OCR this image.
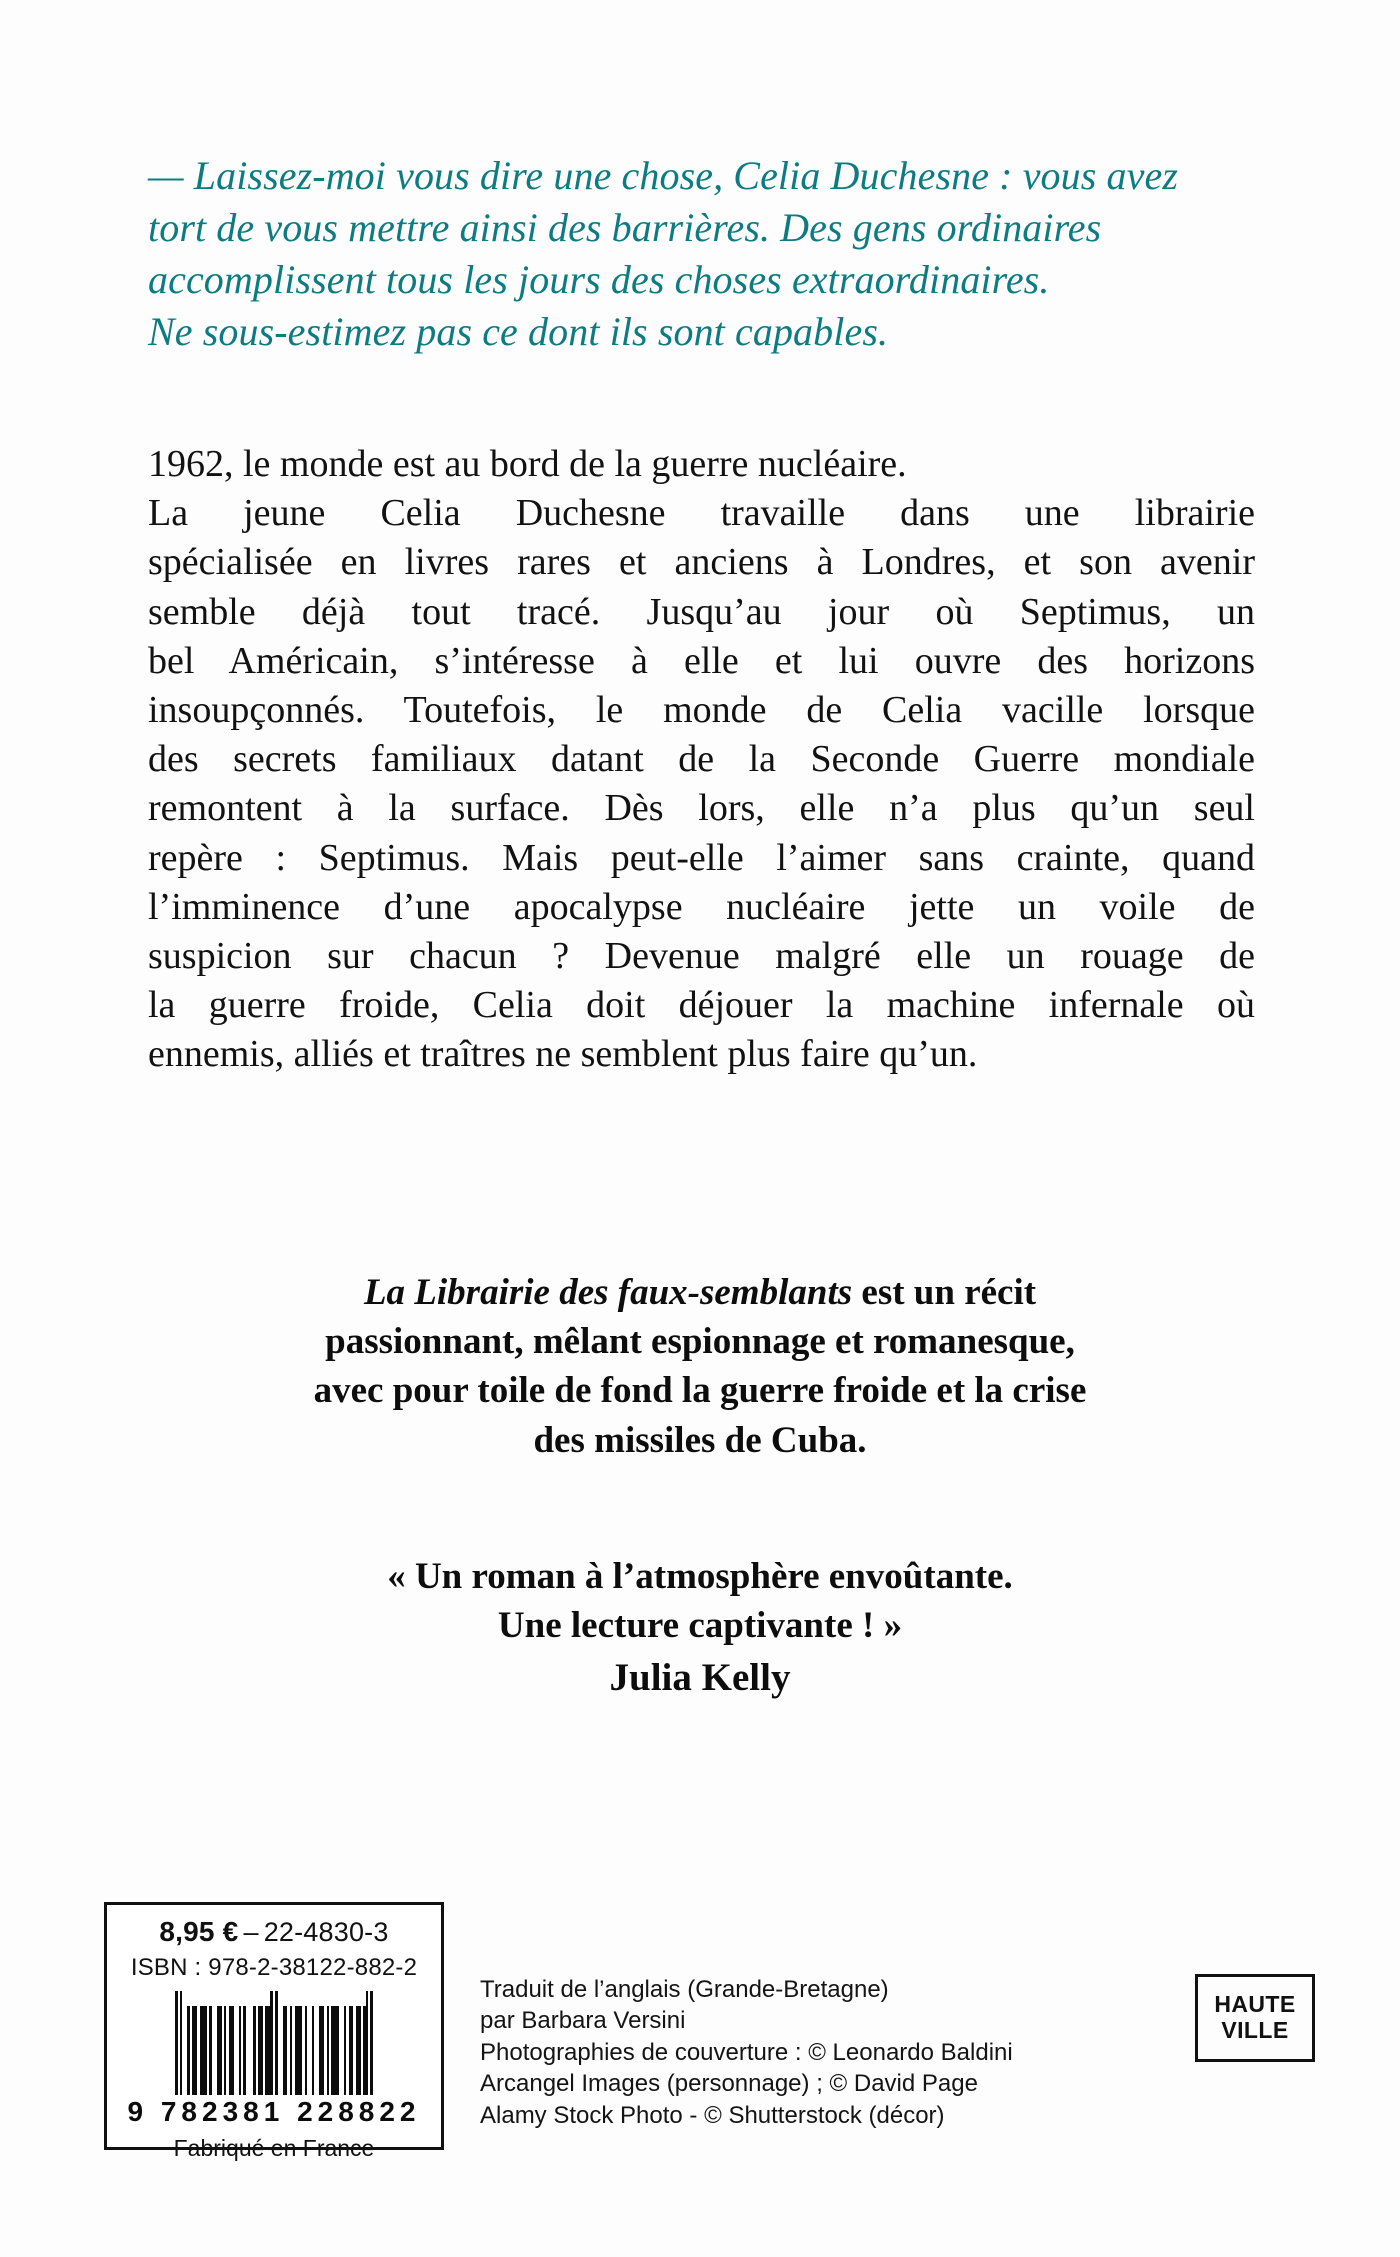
— Laissez-moi vous dire une chose, Celia Duchesne : vous avez
tort de vous mettre ainsi des barrières. Des gens ordinaires
accomplissent tous les jours des choses extraordinaires.
Ne sous-estimez pas ce dont ils sont capables.
1962, le monde est au bord de la guerre nucléaire.
La jeune Celia Duchesne travaille dans une librairie
spécialisée en livres rares et anciens à Londres, et son avenir
semble déjà tout tracé. Jusqu’au jour où Septimus, un
bel Américain, s’intéresse à elle et lui ouvre des horizons
insoupçonnés. Toutefois, le monde de Celia vacille lorsque
des secrets familiaux datant de la Seconde Guerre mondiale
remontent à la surface. Dès lors, elle n’a plus qu’un seul
repère : Septimus. Mais peut-elle l’aimer sans crainte, quand
l’imminence d’une apocalypse nucléaire jette un voile de
suspicion sur chacun ? Devenue malgré elle un rouage de
la guerre froide, Celia doit déjouer la machine infernale où
ennemis, alliés et traîtres ne semblent plus faire qu’un.
La Librairie des faux-semblants est un récit
passionnant, mêlant espionnage et romanesque,
avec pour toile de fond la guerre froide et la crise
des missiles de Cuba.
« Un roman à l’atmosphère envoûtante.
Une lecture captivante ! »
Julia Kelly
8,95 € – 22-4830-3
ISBN : 978-2-38122-882-2
9 782381 228822
Fabriqué en France
Traduit de l’anglais (Grande-Bretagne)
par Barbara Versini
Photographies de couverture : © Leonardo Baldini
Arcangel Images (personnage) ; © David Page
Alamy Stock Photo - © Shutterstock (décor)
HAUTE
VILLE
